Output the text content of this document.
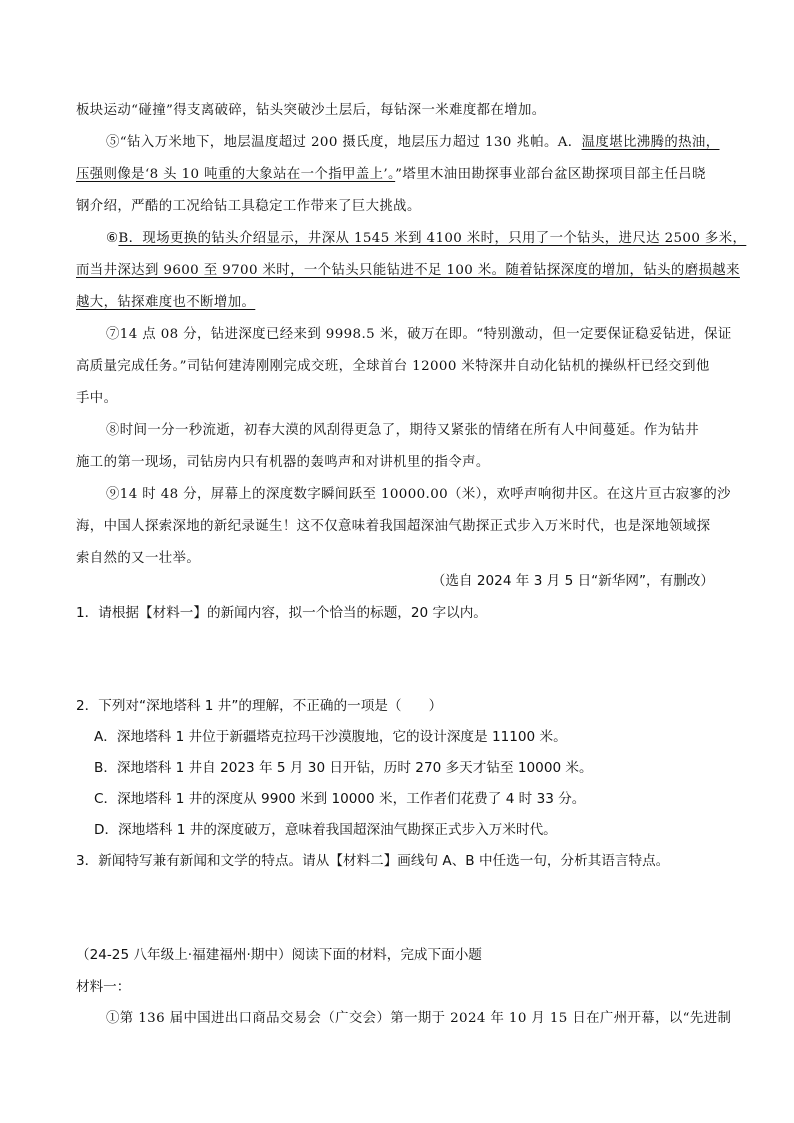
板块运动“碰撞”得支离破碎，钻头突破沙土层后，每钻深一米难度都在增加。
⑤“钻入万米地下，地层温度超过 200 摄氏度，地层压力超过 130 兆帕。A．温度堪比沸腾的热油，
压强则像是‘8 头 10 吨重的大象站在一个指甲盖上’。”塔里木油田勘探事业部台盆区勘探项目部主任吕晓
钢介绍，严酷的工况给钻工具稳定工作带来了巨大挑战。
⑥B．现场更换的钻头介绍显示，井深从 1545 米到 4100 米时，只用了一个钻头，进尺达 2500 多米，
而当井深达到 9600 至 9700 米时，一个钻头只能钻进不足 100 米。随着钻探深度的增加，钻头的磨损越来
越大，钻探难度也不断增加。
⑦14 点 08 分，钻进深度已经来到 9998.5 米，破万在即。“特别激动，但一定要保证稳妥钻进，保证
高质量完成任务。”司钻何建涛刚刚完成交班，全球首台 12000 米特深井自动化钻机的操纵杆已经交到他
手中。
⑧时间一分一秒流逝，初春大漠的风刮得更急了，期待又紧张的情绪在所有人中间蔓延。作为钻井
施工的第一现场，司钻房内只有机器的轰鸣声和对讲机里的指令声。
⑨14 时 48 分，屏幕上的深度数字瞬间跃至 10000.00（米），欢呼声响彻井区。在这片亘古寂寥的沙
海，中国人探索深地的新纪录诞生！这不仅意味着我国超深油气勘探正式步入万米时代，也是深地领域探
索自然的又一壮举。
（选自 2024 年 3 月 5 日“新华网”，有删改）
1．请根据【材料一】的新闻内容，拟一个恰当的标题，20 字以内。
2．下列对“深地塔科 1 井”的理解，不正确的一项是（　　）
A．深地塔科 1 井位于新疆塔克拉玛干沙漠腹地，它的设计深度是 11100 米。
B．深地塔科 1 井自 2023 年 5 月 30 日开钻，历时 270 多天才钻至 10000 米。
C．深地塔科 1 井的深度从 9900 米到 10000 米，工作者们花费了 4 时 33 分。
D．深地塔科 1 井的深度破万，意味着我国超深油气勘探正式步入万米时代。
3．新闻特写兼有新闻和文学的特点。请从【材料二】画线句 A、B 中任选一句，分析其语言特点。
（24-25 八年级上·福建福州·期中）阅读下面的材料，完成下面小题
材料一：
①第 136 届中国进出口商品交易会（广交会）第一期于 2024 年 10 月 15 日在广州开幕，以“先进制
